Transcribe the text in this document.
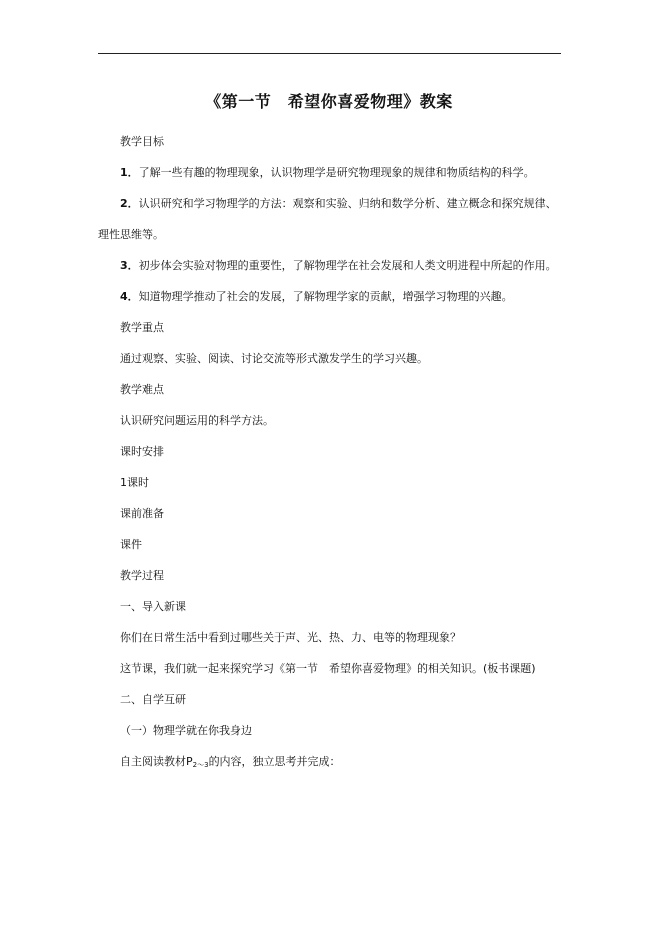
《第一节　希望你喜爱物理》教案

教学目标

1．了解一些有趣的物理现象，认识物理学是研究物理现象的规律和物质结构的科学。

2．认识研究和学习物理学的方法：观察和实验、归纳和数学分析、建立概念和探究规律、理性思维等。

3．初步体会实验对物理的重要性，了解物理学在社会发展和人类文明进程中所起的作用。

4．知道物理学推动了社会的发展，了解物理学家的贡献，增强学习物理的兴趣。

教学重点

通过观察、实验、阅读、讨论交流等形式激发学生的学习兴趣。

教学难点

认识研究问题运用的科学方法。

课时安排

1课时

课前准备

课件

教学过程

一、导入新课

你们在日常生活中看到过哪些关于声、光、热、力、电等的物理现象？

这节课，我们就一起来探究学习《第一节　希望你喜爱物理》的相关知识。(板书课题)

二、自学互研

（一）物理学就在你我身边

自主阅读教材$P_{2\sim 3}$的内容，独立思考并完成：
